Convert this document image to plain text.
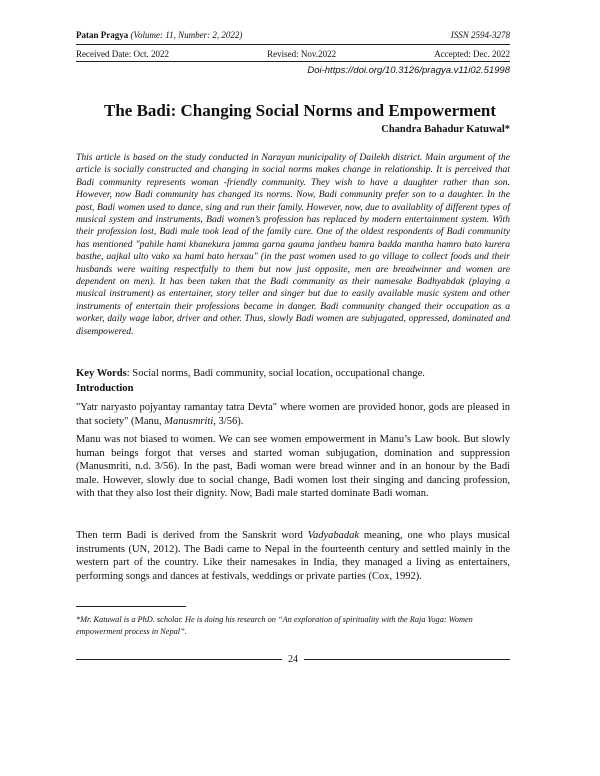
Patan Pragya (Volume: 11, Number: 2, 2022)	ISSN 2594-3278
Received Date: Oct. 2022	Revised: Nov.2022	Accepted: Dec. 2022
Doi-https://doi.org/10.3126/pragya.v11i02.51998
The Badi: Changing Social Norms and Empowerment
Chandra Bahadur Katuwal*

This article is based on the study conducted in Narayan municipality of Dailekh district. Main argument of the article is socially constructed and changing in social norms makes change in relationship. It is perceived that Badi community represents woman -friendly community. They wish to have a daughter rather than son. However, now Badi community has changed its norms. Now, Badi community prefer son to a daughter. In the past, Badi women used to dance, sing and run their family. However, now, due to availablity of different types of musical system and instruments, Badi women’s profession has replaced by modern entertainment system. With their profession lost, Badi male took lead of the family care. One of the oldest respondents of Badi community has mentioned "pahile hami khanekura jamma garna gauma jantheu hamra badda mantha hamro bato kurera basthe, aajkal ulto vako xa hami bato herxau" (in the past women used to go village to collect foods and their husbands were waiting respectfully to them but now just opposite, men are breadwinner and women are dependent on men). It has been taken that the Badi community as their namesake Badhyabdak (playing a musical instrument) as entertainer, story teller and singer but due to easily available music system and other instruments of entertain their professions became in danger. Badi community changed their occupation as a worker, daily wage labor, driver and other. Thus, slowly Badi women are subjugated, oppressed, dominated and disempowered.

Key Words: Social norms, Badi community, social location, occupational change.

Introduction

"Yatr naryasto pojyantay ramantay tatra Devta" where women are provided honor, gods are pleased in that society" (Manu, Manusmriti, 3/56).

Manu was not biased to women. We can see women empowerment in Manu’s Law book. But slowly human beings forgot that verses and started woman subjugation, domination and suppression (Manusmriti, n.d. 3/56). In the past, Badi woman were bread winner and in an honour by the Badi male. However, slowly due to social change, Badi women lost their singing and dancing profession, with that they also lost their dignity. Now, Badi male started dominate Badi woman.

Then term Badi is derived from the Sanskrit word Vadyabadak meaning, one who plays musical instruments (UN, 2012). The Badi came to Nepal in the fourteenth century and settled mainly in the western part of the country. Like their namesakes in India, they managed a living as entertainers, performing songs and dances at festivals, weddings or private parties (Cox, 1992).

*Mr. Katuwal is a PhD. scholar. He is doing his research on “An exploration of spirituality with the Raja Yoga: Women empowerment process in Nepal”.

24
